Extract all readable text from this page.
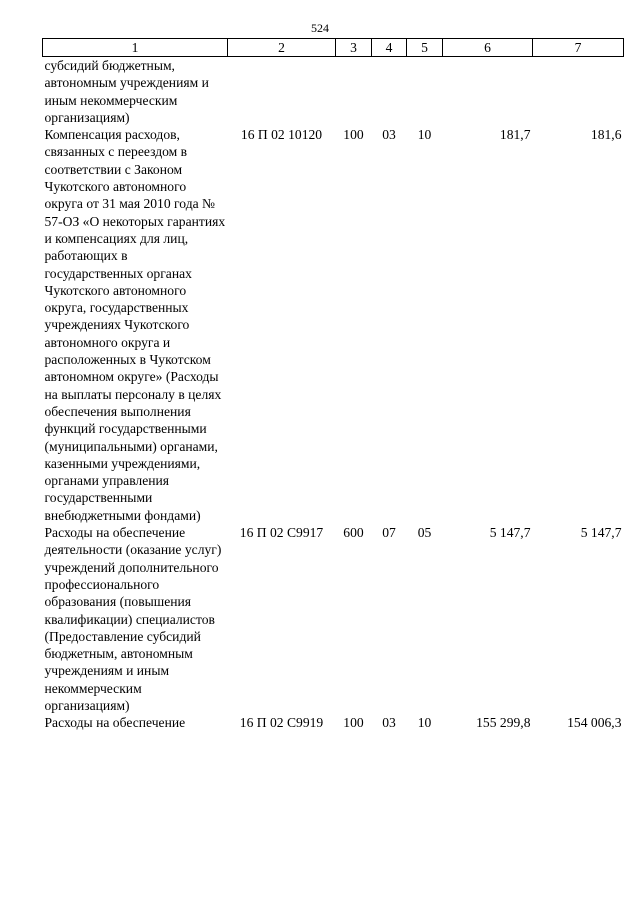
524
1	2	3	4	5	6	7
субсидий бюджетным, автономным учреждениям и иным некоммерческим организациям)						
Компенсация расходов, связанных с переездом в соответствии с Законом Чукотского автономного округа от 31 мая 2010 года № 57-ОЗ «О некоторых гарантиях и компенсациях для лиц, работающих в государственных органах Чукотского автономного округа, государственных учреждениях Чукотского автономного округа и расположенных в Чукотском автономном округе» (Расходы на выплаты персоналу в целях обеспечения выполнения функций государственными (муниципальными) органами, казенными учреждениями, органами управления государственными внебюджетными фондами)	16 П 02 10120	100	03	10	181,7	181,6
Расходы на обеспечение деятельности (оказание услуг) учреждений дополнительного профессионального образования (повышения квалификации) специалистов (Предоставление субсидий бюджетным, автономным учреждениям и иным некоммерческим организациям)	16 П 02 С9917	600	07	05	5 147,7	5 147,7
Расходы на обеспечение	16 П 02 С9919	100	03	10	155 299,8	154 006,3
